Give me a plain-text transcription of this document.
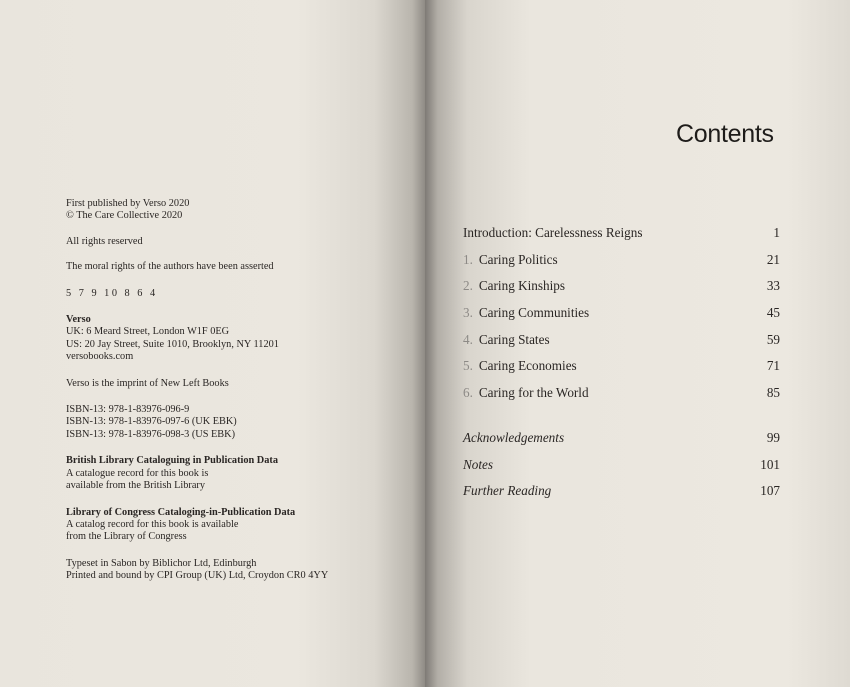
First published by Verso 2020

© The Care Collective 2020

All rights reserved

The moral rights of the authors have been asserted

5 7 9 10 8 6 4

Verso

UK: 6 Meard Street, London W1F 0EG

US: 20 Jay Street, Suite 1010, Brooklyn, NY 11201

versobooks.com

Verso is the imprint of New Left Books

ISBN-13: 978-1-83976-096-9

ISBN-13: 978-1-83976-097-6 (UK EBK)

ISBN-13: 978-1-83976-098-3 (US EBK)

British Library Cataloguing in Publication Data

A catalogue record for this book is

available from the British Library

Library of Congress Cataloging-in-Publication Data

A catalog record for this book is available

from the Library of Congress

Typeset in Sabon by Biblichor Ltd, Edinburgh

Printed and bound by CPI Group (UK) Ltd, Croydon CR0 4YY

Contents
Introduction: Carelessness Reigns	1
1. Caring Politics	21
2. Caring Kinships	33
3. Caring Communities	45
4. Caring States	59
5. Caring Economies	71
6. Caring for the World	85
Acknowledgements	99
Notes	101
Further Reading	107
